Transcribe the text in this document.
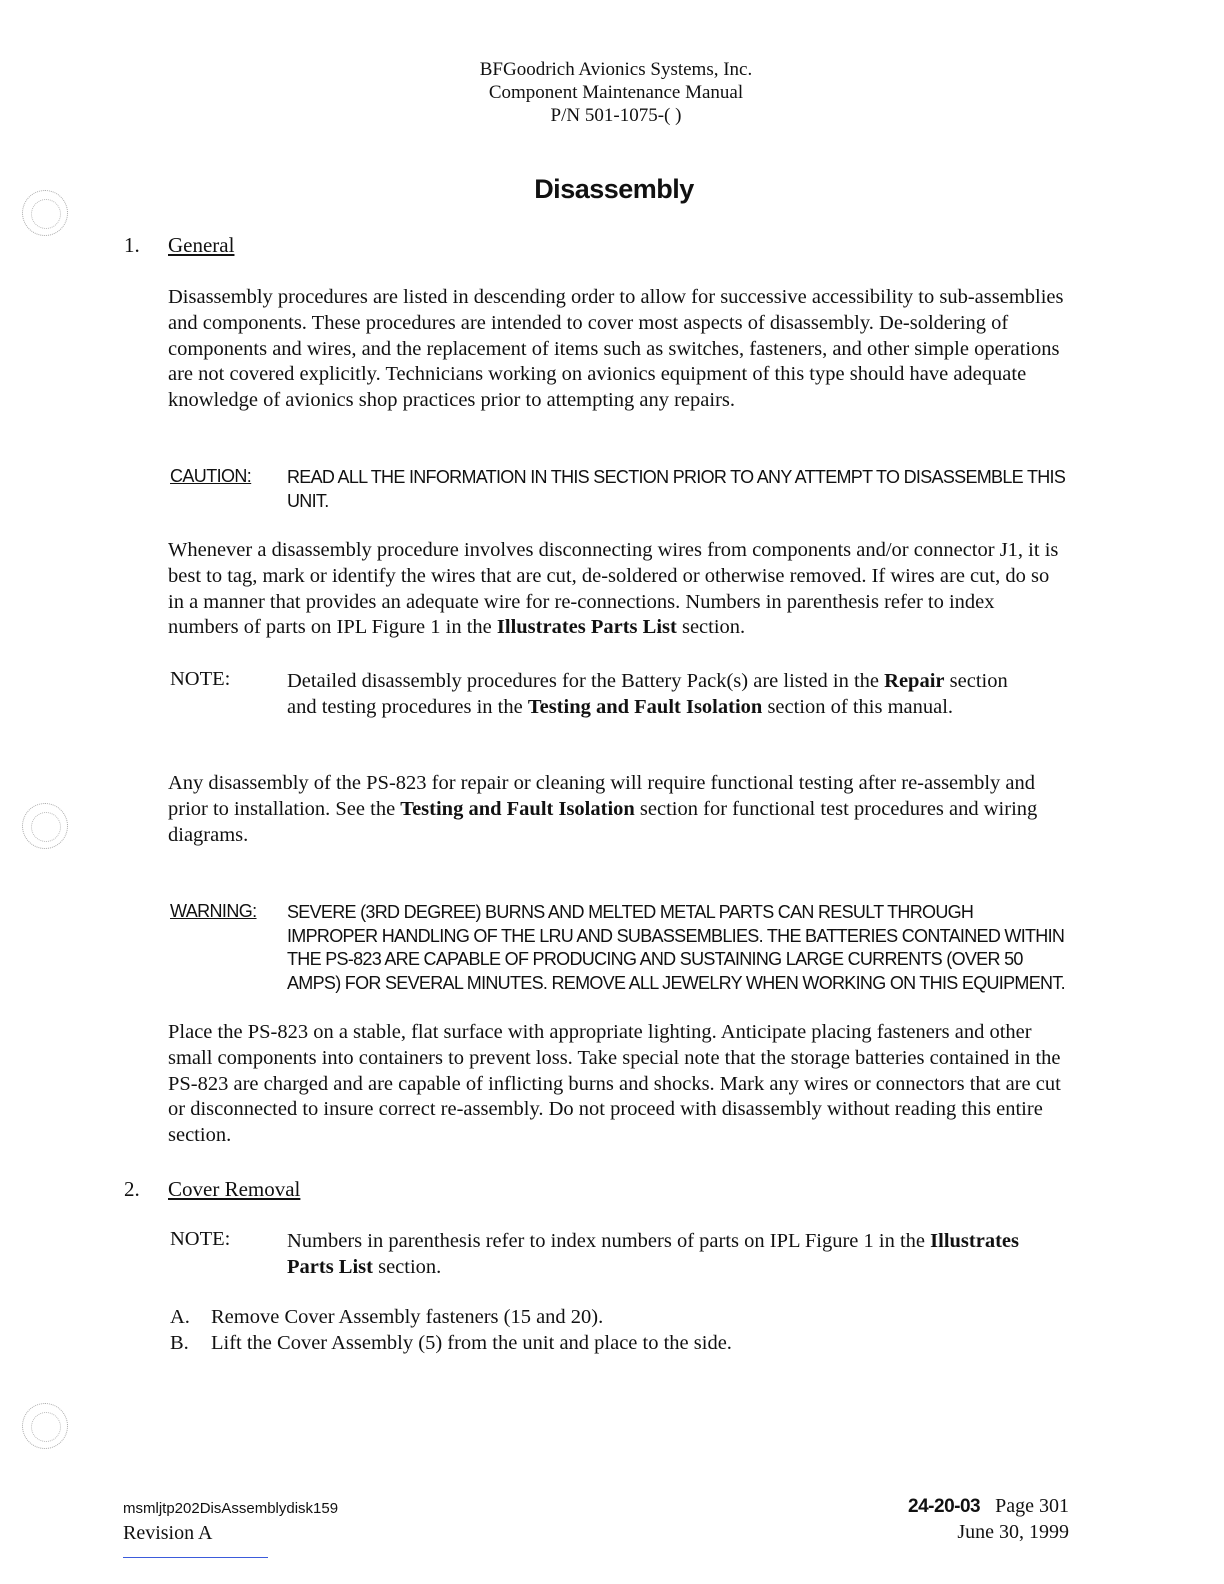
BFGoodrich Avionics Systems, Inc.
Component Maintenance Manual
P/N 501-1075-( )
Disassembly
1. General
Disassembly procedures are listed in descending order to allow for successive accessibility to sub-assemblies and components. These procedures are intended to cover most aspects of disassembly. De-soldering of components and wires, and the replacement of items such as switches, fasteners, and other simple operations are not covered explicitly. Technicians working on avionics equipment of this type should have adequate knowledge of avionics shop practices prior to attempting any repairs.
CAUTION: READ ALL THE INFORMATION IN THIS SECTION PRIOR TO ANY ATTEMPT TO DISASSEMBLE THIS UNIT.
Whenever a disassembly procedure involves disconnecting wires from components and/or connector J1, it is best to tag, mark or identify the wires that are cut, de-soldered or otherwise removed. If wires are cut, do so in a manner that provides an adequate wire for re-connections. Numbers in parenthesis refer to index numbers of parts on IPL Figure 1 in the Illustrates Parts List section.
NOTE:	Detailed disassembly procedures for the Battery Pack(s) are listed in the Repair section and testing procedures in the Testing and Fault Isolation section of this manual.
Any disassembly of the PS-823 for repair or cleaning will require functional testing after re-assembly and prior to installation. See the Testing and Fault Isolation section for functional test procedures and wiring diagrams.
WARNING: SEVERE (3RD DEGREE) BURNS AND MELTED METAL PARTS CAN RESULT THROUGH IMPROPER HANDLING OF THE LRU AND SUBASSEMBLIES. THE BATTERIES CONTAINED WITHIN THE PS-823 ARE CAPABLE OF PRODUCING AND SUSTAINING LARGE CURRENTS (OVER 50 AMPS) FOR SEVERAL MINUTES. REMOVE ALL JEWELRY WHEN WORKING ON THIS EQUIPMENT.
Place the PS-823 on a stable, flat surface with appropriate lighting. Anticipate placing fasteners and other small components into containers to prevent loss. Take special note that the storage batteries contained in the PS-823 are charged and are capable of inflicting burns and shocks. Mark any wires or connectors that are cut or disconnected to insure correct re-assembly. Do not proceed with disassembly without reading this entire section.
2. Cover Removal
NOTE:	Numbers in parenthesis refer to index numbers of parts on IPL Figure 1 in the Illustrates Parts List section.
A. Remove Cover Assembly fasteners (15 and 20).
B. Lift the Cover Assembly (5) from the unit and place to the side.
msmljtp202DisAssemblydisk159
Revision A
24-20-03 Page 301
June 30, 1999
